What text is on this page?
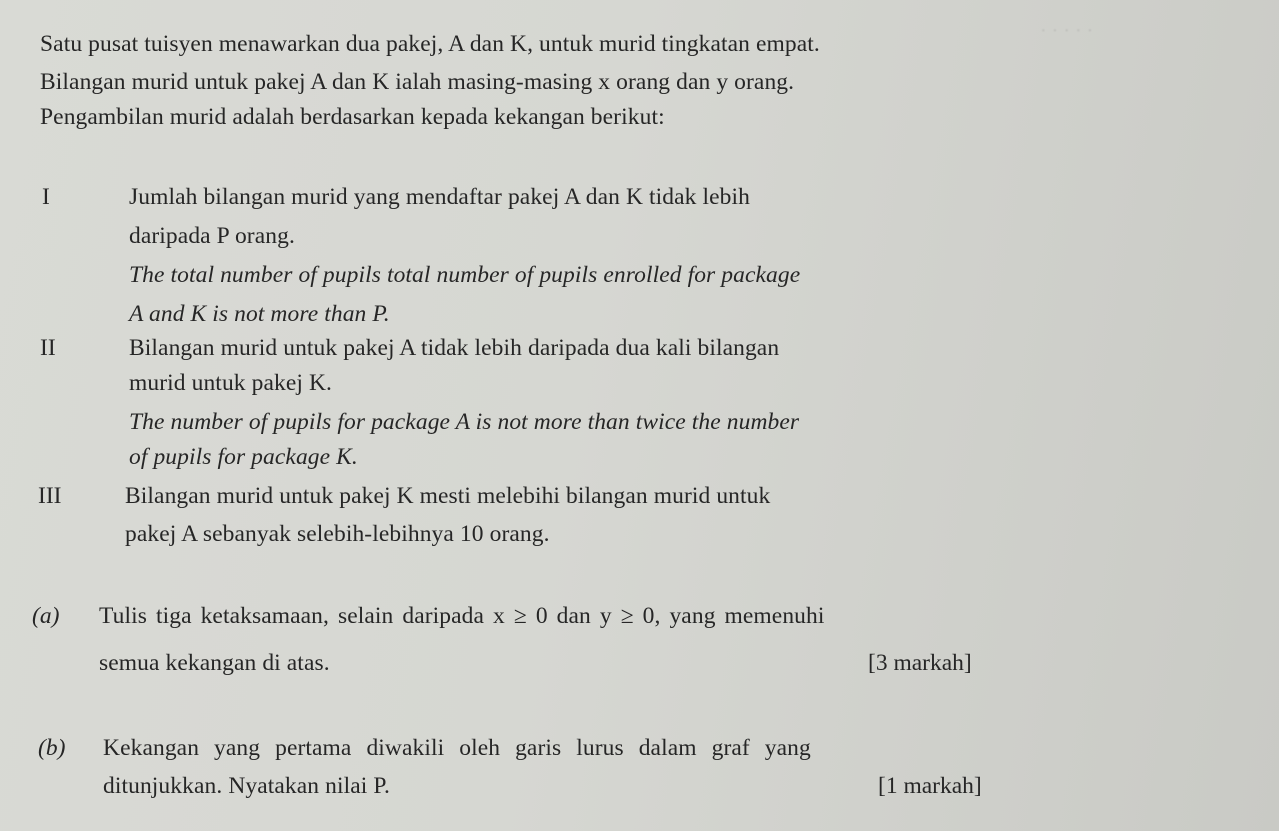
· · · · ·
Satu pusat tuisyen menawarkan dua pakej, A dan K, untuk murid tingkatan empat.
Bilangan murid untuk pakej A dan K ialah masing-masing x orang dan y orang.
Pengambilan murid adalah berdasarkan kepada kekangan berikut:
I	Jumlah bilangan murid yang mendaftar pakej A dan K tidak lebih
daripada P orang.
The total number of pupils total number of pupils enrolled for package
A and K is not more than P.
II	Bilangan murid untuk pakej A tidak lebih daripada dua kali bilangan
murid untuk pakej K.
The number of pupils for package A is not more than twice the number
of pupils for package K.
III	Bilangan murid untuk pakej K mesti melebihi bilangan murid untuk
pakej A sebanyak selebih-lebihnya 10 orang.
(a) Tulis tiga ketaksamaan, selain daripada x ≥ 0 dan y ≥ 0, yang memenuhi
semua kekangan di atas.	[3 markah]
(b) Kekangan yang pertama diwakili oleh garis lurus dalam graf yang
ditunjukkan. Nyatakan nilai P.	[1 markah]
